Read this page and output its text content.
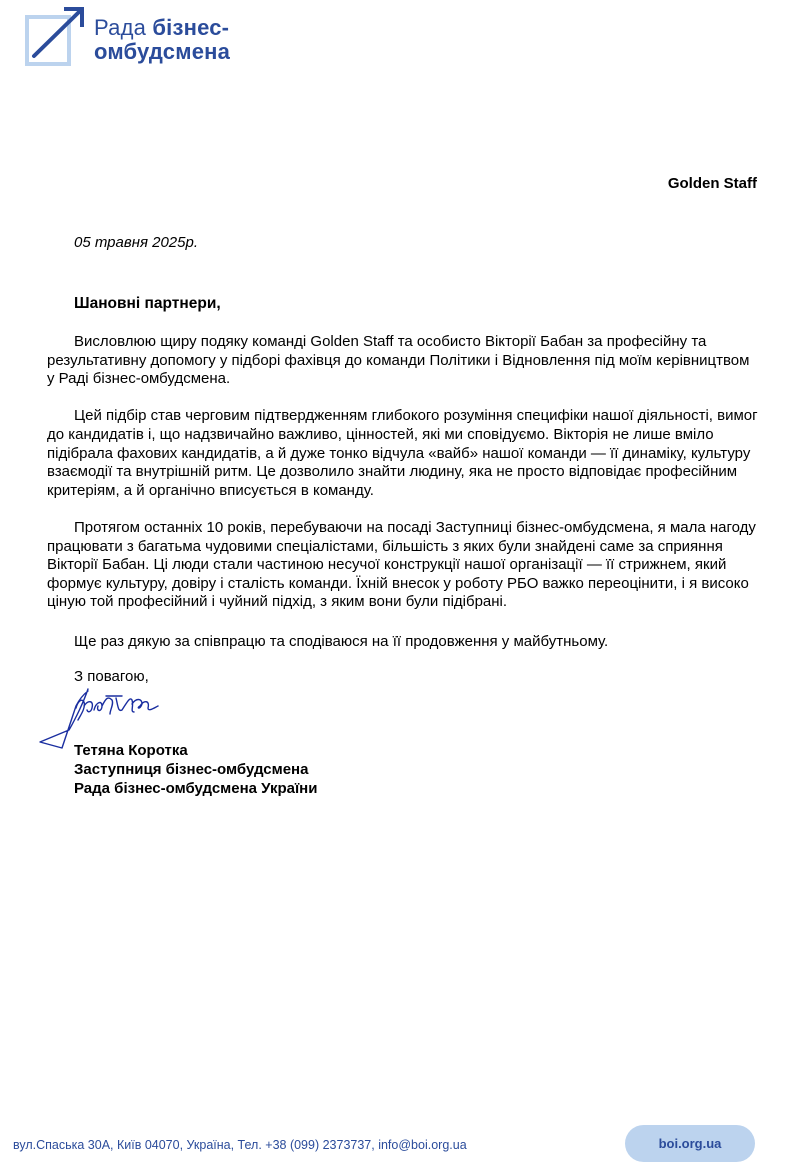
Рада бізнес-
омбудсмена
Golden Staff
05 травня 2025р.
Шановні партнери,

Висловлюю щиру подяку команді Golden Staff та особисто Вікторії Бабан за професійну та результативну допомогу у підборі фахівця до команди Політики і Відновлення під моїм керівництвом у Раді бізнес-омбудсмена.

Цей підбір став черговим підтвердженням глибокого розуміння специфіки нашої діяльності, вимог до кандидатів і, що надзвичайно важливо, цінностей, які ми сповідуємо. Вікторія не лише вміло підібрала фахових кандидатів, а й дуже тонко відчула «вайб» нашої команди — її динаміку, культуру взаємодії та внутрішній ритм. Це дозволило знайти людину, яка не просто відповідає професійним критеріям, а й органічно вписується в команду.

Протягом останніх 10 років, перебуваючи на посаді Заступниці бізнес-омбудсмена, я мала нагоду працювати з багатьма чудовими спеціалістами, більшість з яких були знайдені саме за сприяння Вікторії Бабан. Ці люди стали частиною несучої конструкції нашої організації — її стрижнем, який формує культуру, довіру і сталість команди. Їхній внесок у роботу РБО важко переоцінити, і я високо ціную той професійний і чуйний підхід, з яким вони були підібрані.

Ще раз дякую за співпрацю та сподіваюся на її продовження у майбутньому.
З повагою,
Тетяна Коротка
Заступниця бізнес-омбудсмена
Рада бізнес-омбудсмена України
вул.Спаська 30А, Київ 04070, Україна, Тел. +38 (099) 2373737, info@boi.org.ua	boi.org.ua
